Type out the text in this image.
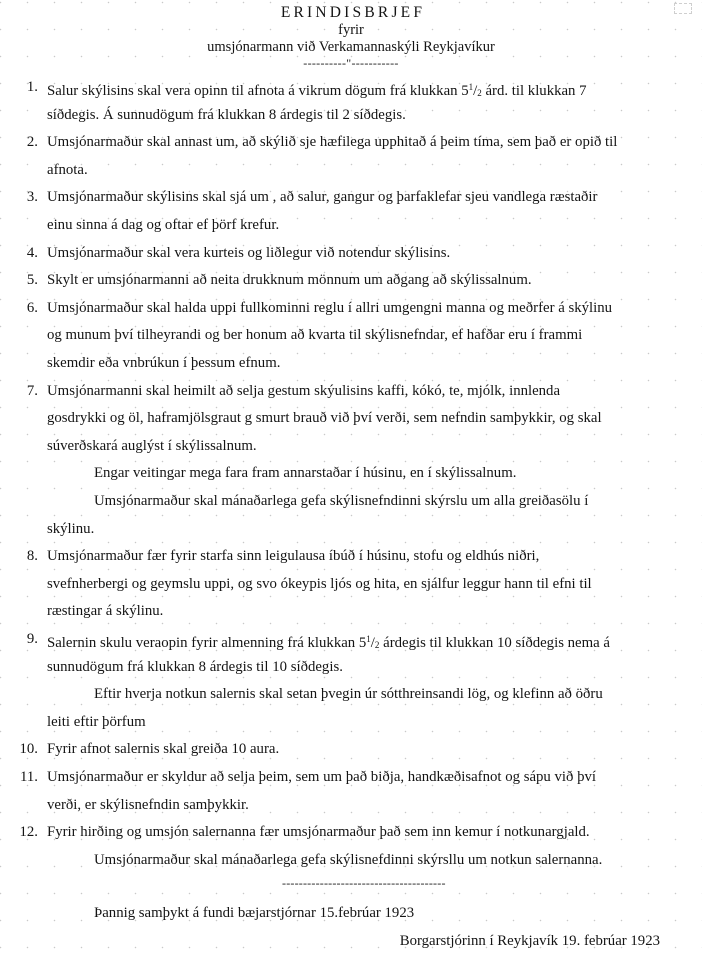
ERINDISBRJEF
fyrir
umsjónarmann við Verkamannaskýli Reykjavíkur
----------"-----------
Salur skýlisins skal vera opinn til afnota á vikrum dögum frá klukkan $5^1/2$ árd. til klukkan 7
1.
síðdegis. Á sunnudögum frá klukkan 8 árdegis til 2 síðdegis.
Umsjónarmaður skal annast um, að skýlið sje hæfilega upphitað á þeim tíma, sem það er opið til
2.
afnota.
Umsjónarmaður skýlisins skal sjá um , að salur, gangur og þarfaklefar sjeu vandlega ræstaðir
3.
einu sinna á dag og oftar ef þörf krefur.
Umsjónarmaður skal vera kurteis og liðlegur við notendur skýlisins.
4.
Skylt er umsjónarmanni að neita drukknum mönnum um aðgang að skýlissalnum.
5.
Umsjónarmaður skal halda uppi fullkominni reglu í allri umgengni manna og meðrfer á skýlinu
6.
og munum því tilheyrandi og ber honum að kvarta til skýlisnefndar, ef hafðar eru í frammi
skemdir eða vnbrúkun í þessum efnum.
Umsjónarmanni skal heimilt að selja gestum skýulisins kaffi, kókó, te, mjólk, innlenda
7.
gosdrykki og öl, haframjölsgraut g smurt brauð við því verði, sem nefndin samþykkir, og skal
súverðskará auglýst í skýlissalnum.
Engar veitingar mega fara fram annarstaðar í húsinu, en í skýlissalnum.
Umsjónarmaður skal mánaðarlega gefa skýlisnefndinni skýrslu um alla greiðasölu í
skýlinu.
Umsjónarmaður fær fyrir starfa sinn leigulausa íbúð í húsinu, stofu og eldhús niðri,
8.
svefnherbergi og geymslu uppi, og svo ókeypis ljós og hita, en sjálfur leggur hann til efni til
ræstingar á skýlinu.
Salernin skulu veraopin fyrir almenning frá klukkan $5^1/2$ árdegis til klukkan 10 síðdegis nema á
9.
sunnudögum frá klukkan 8 árdegis til 10 síðdegis.
Eftir hverja notkun salernis skal setan þvegin úr sótthreinsandi lög, og klefinn að öðru
leiti eftir þörfum
Fyrir afnot salernis skal greiða 10 aura.
10.
Umsjónarmaður er skyldur að selja þeim, sem um það biðja, handkæðisafnot og sápu við því
11.
verði, er skýlisnefndin samþykkir.
Fyrir hirðing og umsjón salernanna fær umsjónarmaður það sem inn kemur í notkunargjald.
12.
Umsjónarmaður skal mánaðarlega gefa skýlisnefdinni skýrsllu um notkun salernanna.
---------------------------------------
Þannig samþykt á fundi bæjarstjórnar 15.febrúar 1923
Borgarstjórinn í Reykjavík 19. febrúar 1923
